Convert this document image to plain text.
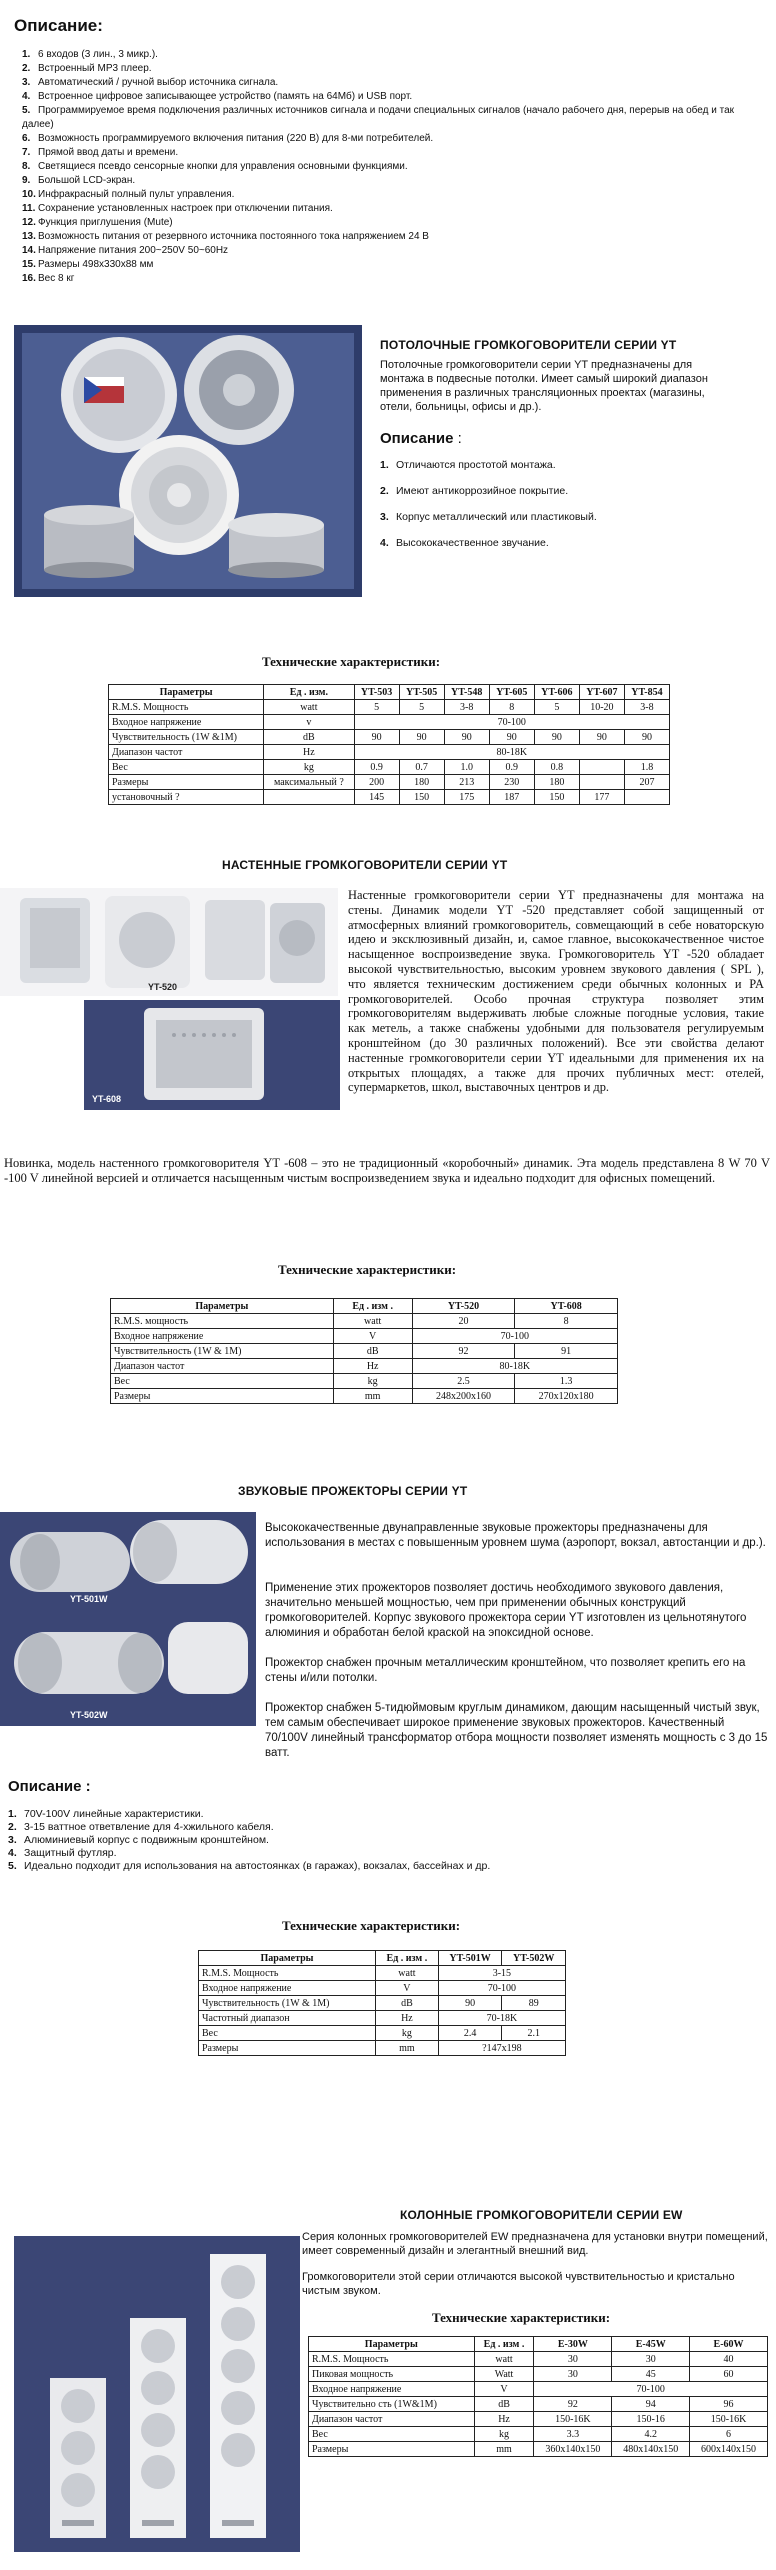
Описание:
1. 6 входов (3 лин., 3 микр.).
2. Встроенный MP3 плеер.
3. Автоматический / ручной выбор источника сигнала.
4. Встроенное цифровое записывающее устройство (память на 64Мб) и USB порт.
5. Программируемое время подключения различных источников сигнала и подачи специальных сигналов (начало рабочего дня, перерыв на обед и так далее)
6. Возможность программируемого включения питания (220 В) для 8-ми потребителей.
7. Прямой ввод даты и времени.
8. Светящиеся псевдо сенсорные кнопки для управления основными функциями.
9. Большой LCD-экран.
10. Инфракрасный полный пульт управления.
11. Сохранение установленных настроек при отключении питания.
12. Функция приглушения (Mute)
13. Возможность питания от резервного источника постоянного тока напряжением 24 В
14. Напряжение питания 200~250V 50~60Hz
15. Размеры 498x330x88 мм
16. Вес 8 кг
ПОТОЛОЧНЫЕ ГРОМКОГОВОРИТЕЛИ СЕРИИ YT
Потолочные громкоговорители серии YT предназначены для монтажа в подвесные потолки. Имеет самый широкий диапазон применения в различных трансляционных проектах (магазины, отели, больницы, офисы и др.).
Описание :
1. Отличаются простотой монтажа.
2. Имеют антикоррозийное покрытие.
3. Корпус металлический или пластиковый.
4. Высококачественное звучание.
Технические характеристики:
Параметры	Ед . изм.	YT-503	YT-505	YT-548	YT-605	YT-606	YT-607	YT-854
R.M.S. Мощность	watt	5	5	3-8	8	5	10-20	3-8
Входное напряжение	v	70-100						
Чувствительность (1W &1M)	dB	90	90	90	90	90	90	90
Диапазон частот	Hz	80-18K						
Вес	kg	0.9	0.7	1.0	0.9	0.8		1.8
Размеры	максимальный ?	200	180	213	230	180		207
установочный ?		145	150	175	187	150	177	
НАСТЕННЫЕ ГРОМКОГОВОРИТЕЛИ СЕРИИ YT
YT-520
YT-608
Настенные громкоговорители серии YT предназначены для монтажа на стены. Динамик модели YT -520 представляет собой защищенный от атмосферных влияний громкоговоритель, совмещающий в себе новаторскую идею и эксклюзивный дизайн, и, самое главное, высококачественное чистое насыщенное воспроизведение звука. Громкоговоритель YT -520 обладает высокой чувствительностью, высоким уровнем звукового давления ( SPL ), что является техническим достижением среди обычных колонных и PA громкоговорителей. Особо прочная структура позволяет этим громкоговорителям выдерживать любые сложные погодные условия, такие как метель, а также снабжены удобными для пользователя регулируемым кронштейном (до 30 различных положений). Все эти свойства делают настенные громкоговорители серии YT идеальными для применения их на открытых площадях, а также для прочих публичных мест: отелей, супермаркетов, школ, выставочных центров и др.
Новинка, модель настенного громкоговорителя YT -608 – это не традиционный «коробочный» динамик. Эта модель представлена 8 W 70 V -100 V линейной версией и отличается насыщенным чистым воспроизведением звука и идеально подходит для офисных помещений.
Технические характеристики:
Параметры	Ед . изм .	YT-520	YT-608
R.M.S. мощность	watt	20	8
Входное напряжение	V	70-100	
Чувствительность (1W & 1M)	dB	92	91
Диапазон частот	Hz	80-18K	
Вес	kg	2.5	1.3
Размеры	mm	248x200x160	270x120x180
ЗВУКОВЫЕ ПРОЖЕКТОРЫ СЕРИИ YT
YT-501W
YT-502W
Высококачественные двунаправленные звуковые прожекторы предназначены для использования в местах с повышенным уровнем шума (аэропорт, вокзал, автостанции и др.).
Применение этих прожекторов позволяет достичь необходимого звукового давления, значительно меньшей мощностью, чем при применении обычных конструкций громкоговорителей. Корпус звукового прожектора серии YT изготовлен из цельнотянутого алюминия и обработан белой краской на эпоксидной основе.
Прожектор снабжен прочным металлическим кронштейном, что позволяет крепить его на стены и/или потолки.
Прожектор снабжен 5-тидюймовым круглым динамиком, дающим насыщенный чистый звук, тем самым обеспечивает широкое применение звуковых прожекторов. Качественный 70/100V линейный трансформатор отбора мощности позволяет изменять мощность с 3 до 15 ватт.
Описание :
1. 70V-100V линейные характеристики.
2. 3-15 ваттное ответвление для 4-хжильного кабеля.
3. Алюминиевый корпус с подвижным кронштейном.
4. Защитный футляр.
5. Идеально подходит для использования на автостоянках (в гаражах), вокзалах, бассейнах и др.
Технические характеристики:
Параметры	Ед . изм .	YT-501W	YT-502W
R.M.S. Мощность	watt	3-15	
Входное напряжение	V	70-100	
Чувствительность (1W & 1M)	dB	90	89
Частотный диапазон	Hz	70-18K	
Вес	kg	2.4	2.1
Размеры	mm	?147x198	
КОЛОННЫЕ ГРОМКОГОВОРИТЕЛИ СЕРИИ EW
Серия колонных громкоговорителей EW предназначена для установки внутри помещений, имеет современный дизайн и элегантный внешний вид.
Громкоговорители этой серии отличаются высокой чувствительностью и кристально чистым звуком.
Технические характеристики:
Параметры	Ед . изм .	E-30W	E-45W	E-60W
R.M.S. Мощность	watt	30	30	40
Пиковая мощность	Watt	30	45	60
Входное напряжение	V	70-100		
Чувствительно сть (1W&1M)	dB	92	94	96
Диапазон частот	Hz	150-16K	150-16	150-16K
Вес	kg	3.3	4.2	6
Размеры	mm	360x140x150	480x140x150	600x140x150
